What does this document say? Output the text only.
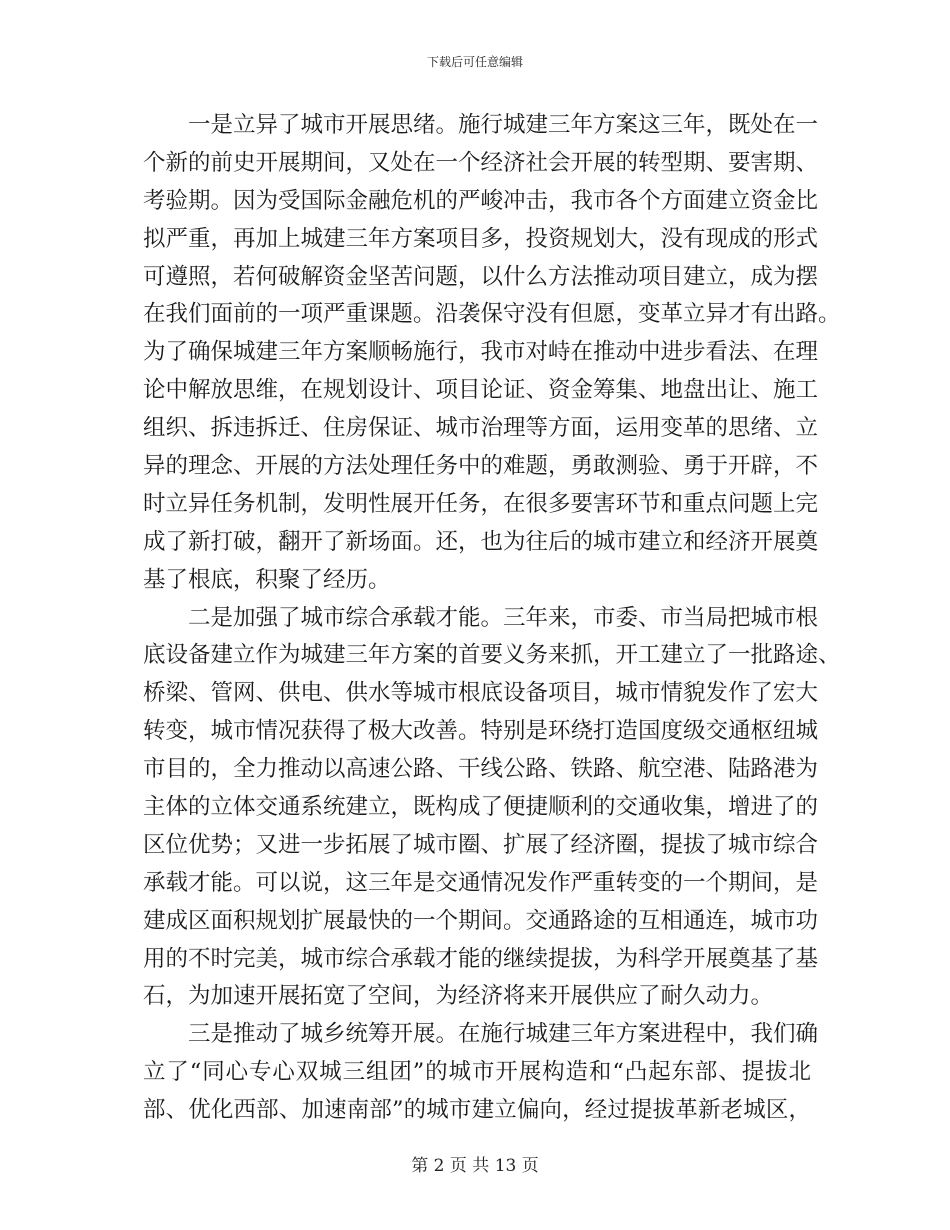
下载后可任意编辑
一是立异了城市开展思绪。施行城建三年方案这三年，既处在一
个新的前史开展期间，又处在一个经济社会开展的转型期、要害期、
考验期。因为受国际金融危机的严峻冲击，我市各个方面建立资金比
拟严重，再加上城建三年方案项目多，投资规划大，没有现成的形式
可遵照，若何破解资金坚苦问题，以什么方法推动项目建立，成为摆
在我们面前的一项严重课题。沿袭保守没有但愿，变革立异才有出路。
为了确保城建三年方案顺畅施行，我市对峙在推动中进步看法、在理
论中解放思维，在规划设计、项目论证、资金筹集、地盘出让、施工
组织、拆违拆迁、住房保证、城市治理等方面，运用变革的思绪、立
异的理念、开展的方法处理任务中的难题，勇敢测验、勇于开辟，不
时立异任务机制，发明性展开任务，在很多要害环节和重点问题上完
成了新打破，翻开了新场面。还，也为往后的城市建立和经济开展奠
基了根底，积聚了经历。
二是加强了城市综合承载才能。三年来，市委、市当局把城市根
底设备建立作为城建三年方案的首要义务来抓，开工建立了一批路途、
桥梁、管网、供电、供水等城市根底设备项目，城市情貌发作了宏大
转变，城市情况获得了极大改善。特别是环绕打造国度级交通枢纽城
市目的，全力推动以高速公路、干线公路、铁路、航空港、陆路港为
主体的立体交通系统建立，既构成了便捷顺利的交通收集，增进了的
区位优势；又进一步拓展了城市圈、扩展了经济圈，提拔了城市综合
承载才能。可以说，这三年是交通情况发作严重转变的一个期间，是
建成区面积规划扩展最快的一个期间。交通路途的互相通连，城市功
用的不时完美，城市综合承载才能的继续提拔，为科学开展奠基了基
石，为加速开展拓宽了空间，为经济将来开展供应了耐久动力。
三是推动了城乡统筹开展。在施行城建三年方案进程中，我们确
立了“同心专心双城三组团”的城市开展构造和“凸起东部、提拔北
部、优化西部、加速南部”的城市建立偏向，经过提拔革新老城区，
第 2 页 共 13 页
